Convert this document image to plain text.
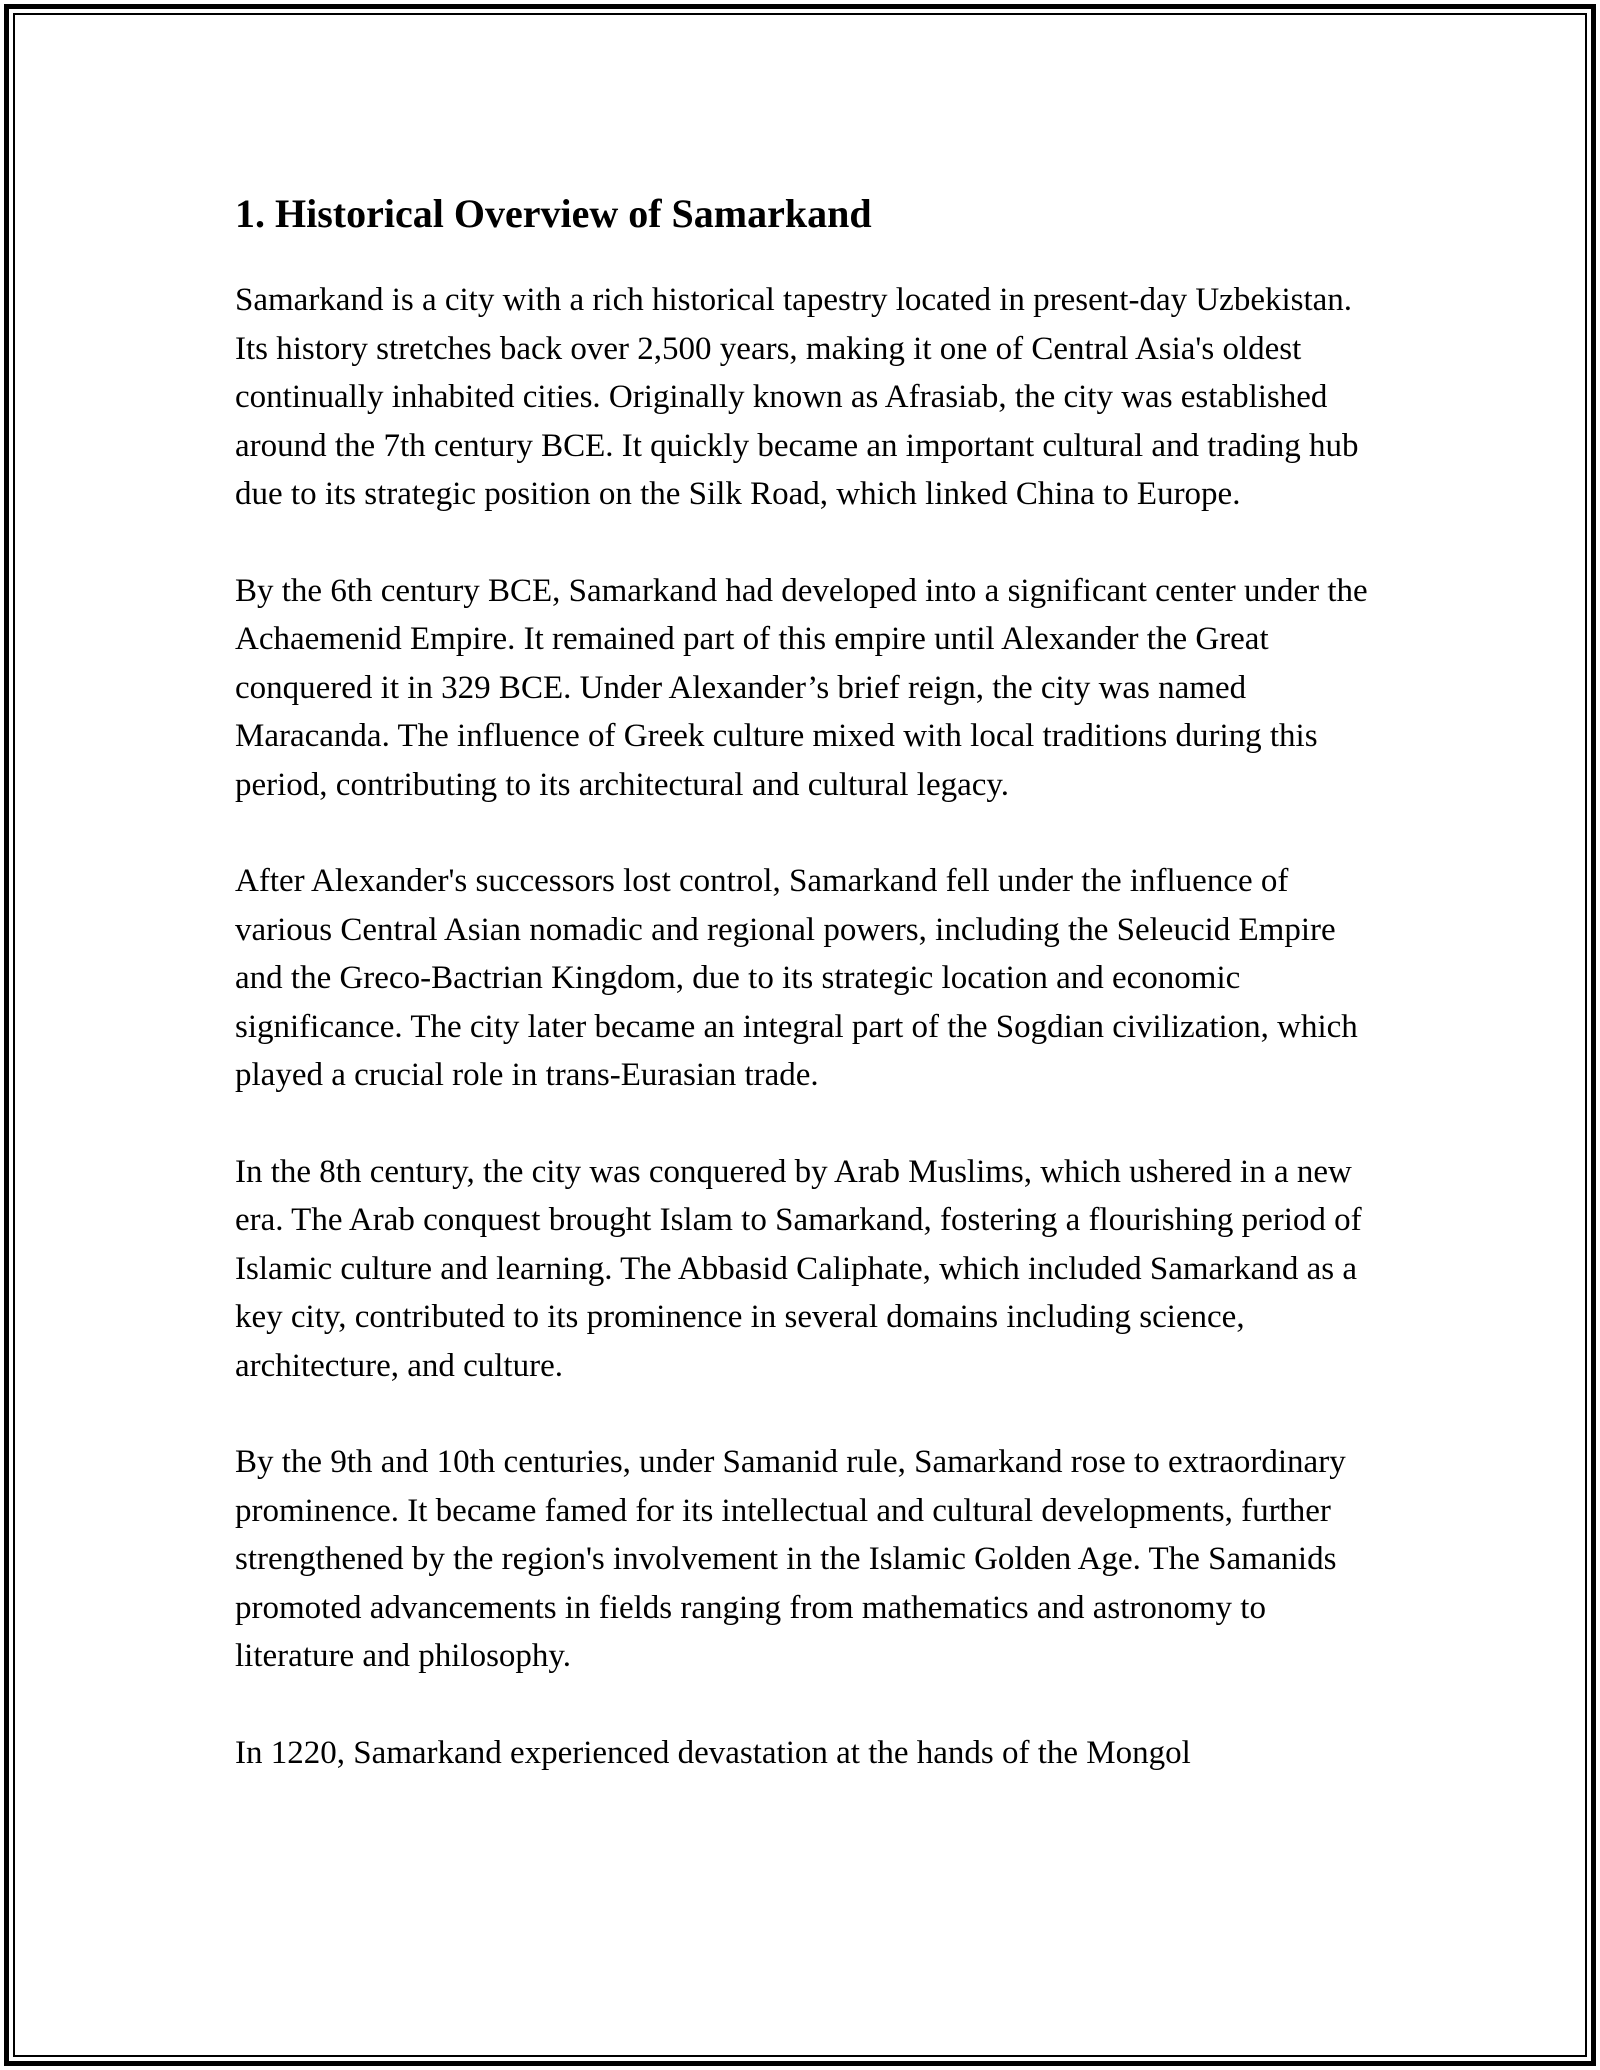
1. Historical Overview of Samarkand

Samarkand is a city with a rich historical tapestry located in present-day Uzbekistan. Its history stretches back over 2,500 years, making it one of Central Asia's oldest continually inhabited cities. Originally known as Afrasiab, the city was established around the 7th century BCE. It quickly became an important cultural and trading hub due to its strategic position on the Silk Road, which linked China to Europe.

By the 6th century BCE, Samarkand had developed into a significant center under the Achaemenid Empire. It remained part of this empire until Alexander the Great conquered it in 329 BCE. Under Alexander’s brief reign, the city was named Maracanda. The influence of Greek culture mixed with local traditions during this period, contributing to its architectural and cultural legacy.

After Alexander's successors lost control, Samarkand fell under the influence of various Central Asian nomadic and regional powers, including the Seleucid Empire and the Greco-Bactrian Kingdom, due to its strategic location and economic significance. The city later became an integral part of the Sogdian civilization, which played a crucial role in trans-Eurasian trade.

In the 8th century, the city was conquered by Arab Muslims, which ushered in a new era. The Arab conquest brought Islam to Samarkand, fostering a flourishing period of Islamic culture and learning. The Abbasid Caliphate, which included Samarkand as a key city, contributed to its prominence in several domains including science, architecture, and culture.

By the 9th and 10th centuries, under Samanid rule, Samarkand rose to extraordinary prominence. It became famed for its intellectual and cultural developments, further strengthened by the region's involvement in the Islamic Golden Age. The Samanids promoted advancements in fields ranging from mathematics and astronomy to literature and philosophy.

In 1220, Samarkand experienced devastation at the hands of the Mongol
